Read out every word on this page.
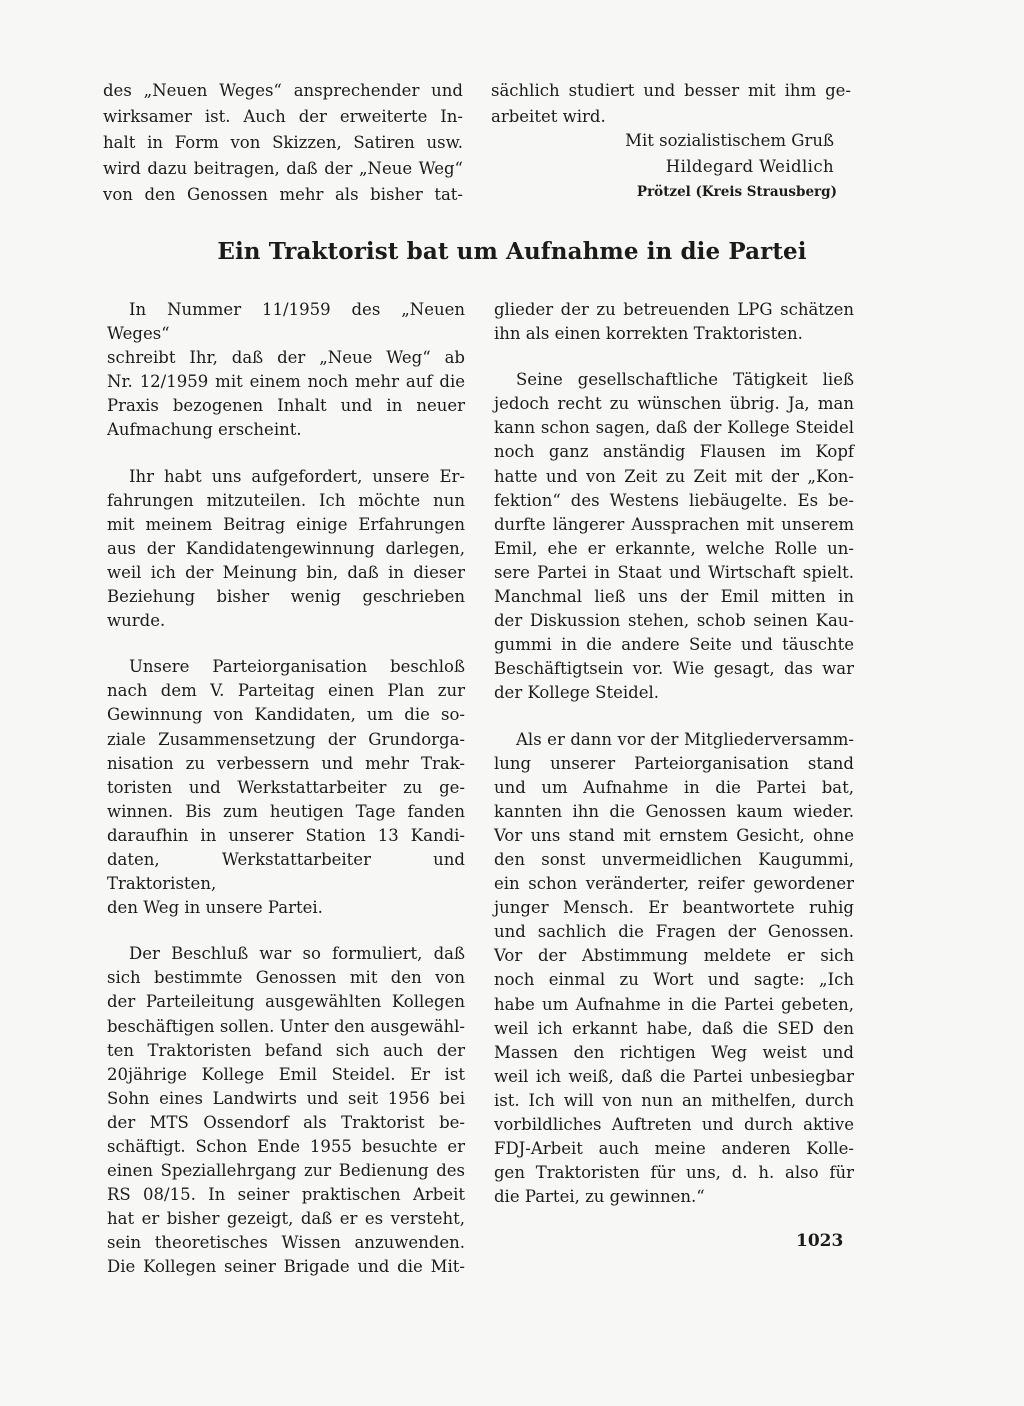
des „Neuen Weges“ ansprechender und

wirksamer ist. Auch der erweiterte In-

halt in Form von Skizzen, Satiren usw.

wird dazu beitragen, daß der „Neue Weg“

von den Genossen mehr als bisher tat-

sächlich studiert und besser mit ihm ge-

arbeitet wird.

Mit sozialistischem Gruß
Hildegard Weidlich
Prötzel (Kreis Strausberg)
Ein Traktorist bat um Aufnahme in die Partei

In Nummer 11/1959 des „Neuen Weges“

schreibt Ihr, daß der „Neue Weg“ ab

Nr. 12/1959 mit einem noch mehr auf die

Praxis bezogenen Inhalt und in neuer

Aufmachung erscheint.

Ihr habt uns aufgefordert, unsere Er-

fahrungen mitzuteilen. Ich möchte nun

mit meinem Beitrag einige Erfahrungen

aus der Kandidatengewinnung darlegen,

weil ich der Meinung bin, daß in dieser

Beziehung bisher wenig geschrieben

wurde.

Unsere Parteiorganisation beschloß

nach dem V. Parteitag einen Plan zur

Gewinnung von Kandidaten, um die so-

ziale Zusammensetzung der Grundorga-

nisation zu verbessern und mehr Trak-

toristen und Werkstattarbeiter zu ge-

winnen. Bis zum heutigen Tage fanden

daraufhin in unserer Station 13 Kandi-

daten, Werkstattarbeiter und Traktoristen,

den Weg in unsere Partei.

Der Beschluß war so formuliert, daß

sich bestimmte Genossen mit den von

der Parteileitung ausgewählten Kollegen

beschäftigen sollen. Unter den ausgewähl-

ten Traktoristen befand sich auch der

20jährige Kollege Emil Steidel. Er ist

Sohn eines Landwirts und seit 1956 bei

der MTS Ossendorf als Traktorist be-

schäftigt. Schon Ende 1955 besuchte er

einen Speziallehrgang zur Bedienung des

RS 08/15. In seiner praktischen Arbeit

hat er bisher gezeigt, daß er es versteht,

sein theoretisches Wissen anzuwenden.

Die Kollegen seiner Brigade und die Mit-

glieder der zu betreuenden LPG schätzen

ihn als einen korrekten Traktoristen.

Seine gesellschaftliche Tätigkeit ließ

jedoch recht zu wünschen übrig. Ja, man

kann schon sagen, daß der Kollege Steidel

noch ganz anständig Flausen im Kopf

hatte und von Zeit zu Zeit mit der „Kon-

fektion“ des Westens liebäugelte. Es be-

durfte längerer Aussprachen mit unserem

Emil, ehe er erkannte, welche Rolle un-

sere Partei in Staat und Wirtschaft spielt.

Manchmal ließ uns der Emil mitten in

der Diskussion stehen, schob seinen Kau-

gummi in die andere Seite und täuschte

Beschäftigtsein vor. Wie gesagt, das war

der Kollege Steidel.

Als er dann vor der Mitgliederversamm-

lung unserer Parteiorganisation stand

und um Aufnahme in die Partei bat,

kannten ihn die Genossen kaum wieder.

Vor uns stand mit ernstem Gesicht, ohne

den sonst unvermeidlichen Kaugummi,

ein schon veränderter, reifer gewordener

junger Mensch. Er beantwortete ruhig

und sachlich die Fragen der Genossen.

Vor der Abstimmung meldete er sich

noch einmal zu Wort und sagte: „Ich

habe um Aufnahme in die Partei gebeten,

weil ich erkannt habe, daß die SED den

Massen den richtigen Weg weist und

weil ich weiß, daß die Partei unbesiegbar

ist. Ich will von nun an mithelfen, durch

vorbildliches Auftreten und durch aktive

FDJ-Arbeit auch meine anderen Kolle-

gen Traktoristen für uns, d. h. also für

die Partei, zu gewinnen.“

1023
